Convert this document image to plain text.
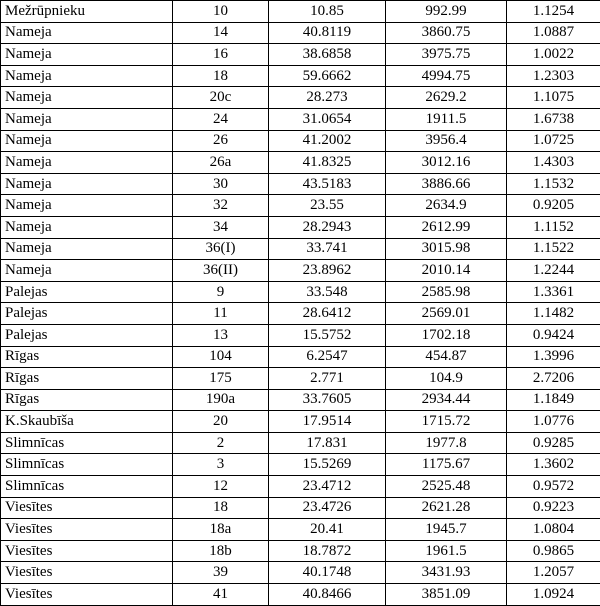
Mežrūpnieku	10	10.85	992.99	1.1254
Nameja	14	40.8119	3860.75	1.0887
Nameja	16	38.6858	3975.75	1.0022
Nameja	18	59.6662	4994.75	1.2303
Nameja	20c	28.273	2629.2	1.1075
Nameja	24	31.0654	1911.5	1.6738
Nameja	26	41.2002	3956.4	1.0725
Nameja	26a	41.8325	3012.16	1.4303
Nameja	30	43.5183	3886.66	1.1532
Nameja	32	23.55	2634.9	0.9205
Nameja	34	28.2943	2612.99	1.1152
Nameja	36(I)	33.741	3015.98	1.1522
Nameja	36(II)	23.8962	2010.14	1.2244
Palejas	9	33.548	2585.98	1.3361
Palejas	11	28.6412	2569.01	1.1482
Palejas	13	15.5752	1702.18	0.9424
Rīgas	104	6.2547	454.87	1.3996
Rīgas	175	2.771	104.9	2.7206
Rīgas	190a	33.7605	2934.44	1.1849
K.Skaubīša	20	17.9514	1715.72	1.0776
Slimnīcas	2	17.831	1977.8	0.9285
Slimnīcas	3	15.5269	1175.67	1.3602
Slimnīcas	12	23.4712	2525.48	0.9572
Viesītes	18	23.4726	2621.28	0.9223
Viesītes	18a	20.41	1945.7	1.0804
Viesītes	18b	18.7872	1961.5	0.9865
Viesītes	39	40.1748	3431.93	1.2057
Viesītes	41	40.8466	3851.09	1.0924
